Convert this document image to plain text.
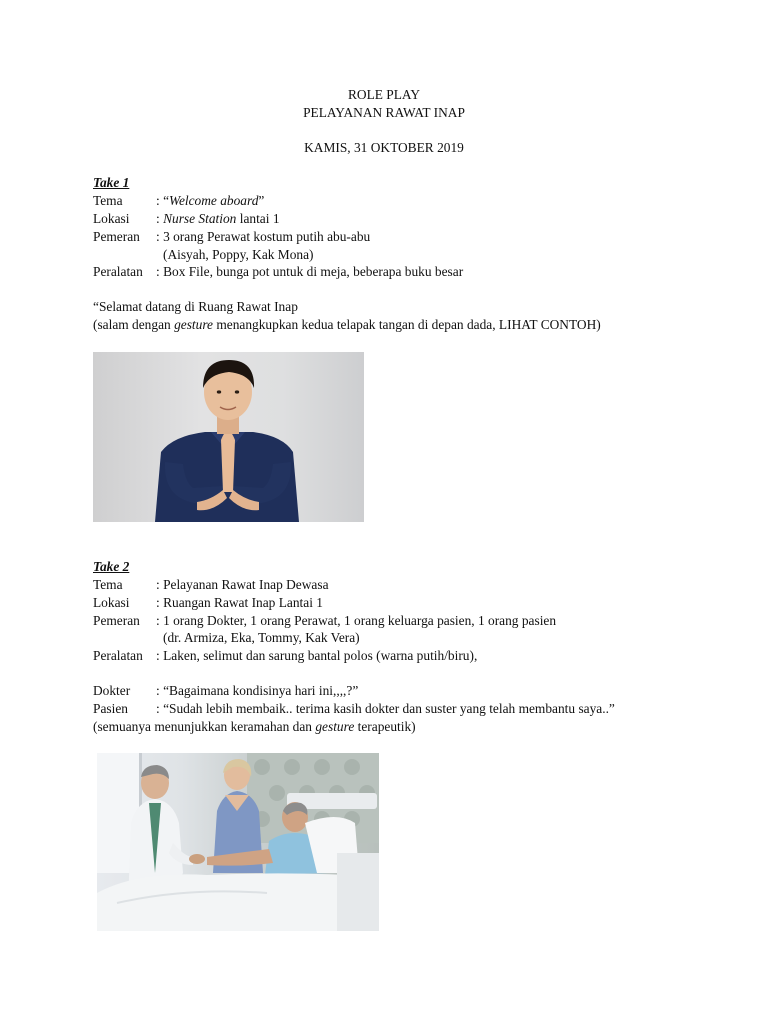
ROLE PLAY
PELAYANAN RAWAT INAP
KAMIS, 31 OKTOBER 2019
Take 1
Tema : “Welcome aboard”
Lokasi : Nurse Station lantai 1
Pemeran : 3 orang Perawat kostum putih abu-abu
(Aisyah, Poppy, Kak Mona)
Peralatan : Box File, bunga pot untuk di meja, beberapa buku besar
“Selamat datang di Ruang Rawat Inap
(salam dengan gesture menangkupkan kedua telapak tangan di depan dada, LIHAT CONTOH)
Take 2
Tema : Pelayanan Rawat Inap Dewasa
Lokasi : Ruangan Rawat Inap Lantai 1
Pemeran : 1 orang Dokter, 1 orang Perawat, 1 orang keluarga pasien, 1 orang pasien
(dr. Armiza, Eka, Tommy, Kak Vera)
Peralatan : Laken, selimut dan sarung bantal polos (warna putih/biru),
Dokter : “Bagaimana kondisinya hari ini,,,,?”
Pasien : “Sudah lebih membaik.. terima kasih dokter dan suster yang telah membantu saya..”
(semuanya menunjukkan keramahan dan gesture terapeutik)
